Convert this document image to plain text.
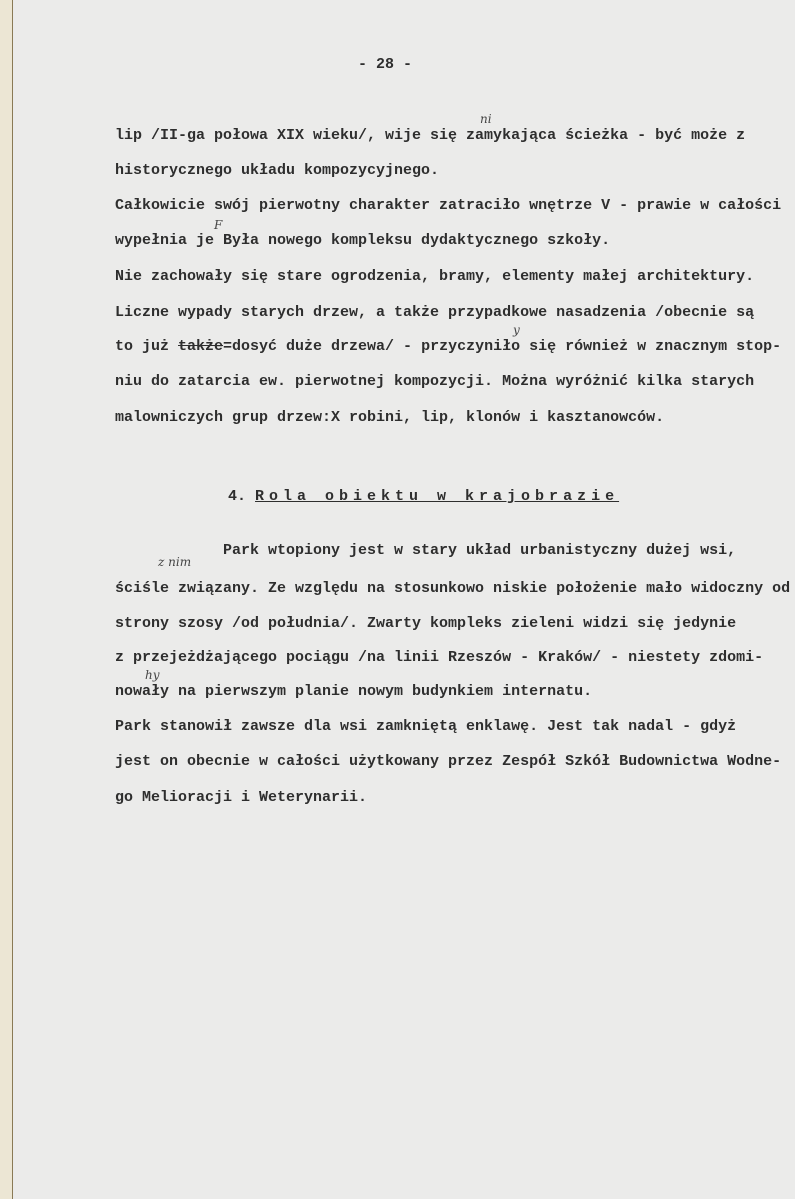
- 28 -
lip /II-ga połowa XIX wieku/, wije się zamykająca ścieżka - być może z
historycznego układu kompozycyjnego.
Całkowicie swój pierwotny charakter zatraciło wnętrze V - prawie w całości
wypełnia je Była nowego kompleksu dydaktycznego szkoły.
Nie zachowały się stare ogrodzenia, bramy, elementy małej architektury.
Liczne wypady starych drzew, a także przypadkowe nasadzenia /obecnie są
to już także=dosyć duże drzewa/ - przyczyniło się również w znacznym stop-
niu do zatarcia ew. pierwotnej kompozycji. Można wyróżnić kilka starych
malowniczych grup drzew:X robini, lip, klonów i kasztanowców.
4. Rola obiektu w krajobrazie
Park wtopiony jest w stary układ urbanistyczny dużej wsi,
ściśle związany. Ze względu na stosunkowo niskie położenie mało widoczny od
strony szosy /od południa/. Zwarty kompleks zieleni widzi się jedynie
z przejeżdżającego pociągu /na linii Rzeszów - Kraków/ - niestety zdomi-
nowały na pierwszym planie nowym budynkiem internatu.
Park stanowił zawsze dla wsi zamkniętą enklawę. Jest tak nadal - gdyż
jest on obecnie w całości użytkowany przez Zespół Szkół Budownictwa Wodne-
go Melioracji i Weterynarii.
ni
F
y
z nim
hy
